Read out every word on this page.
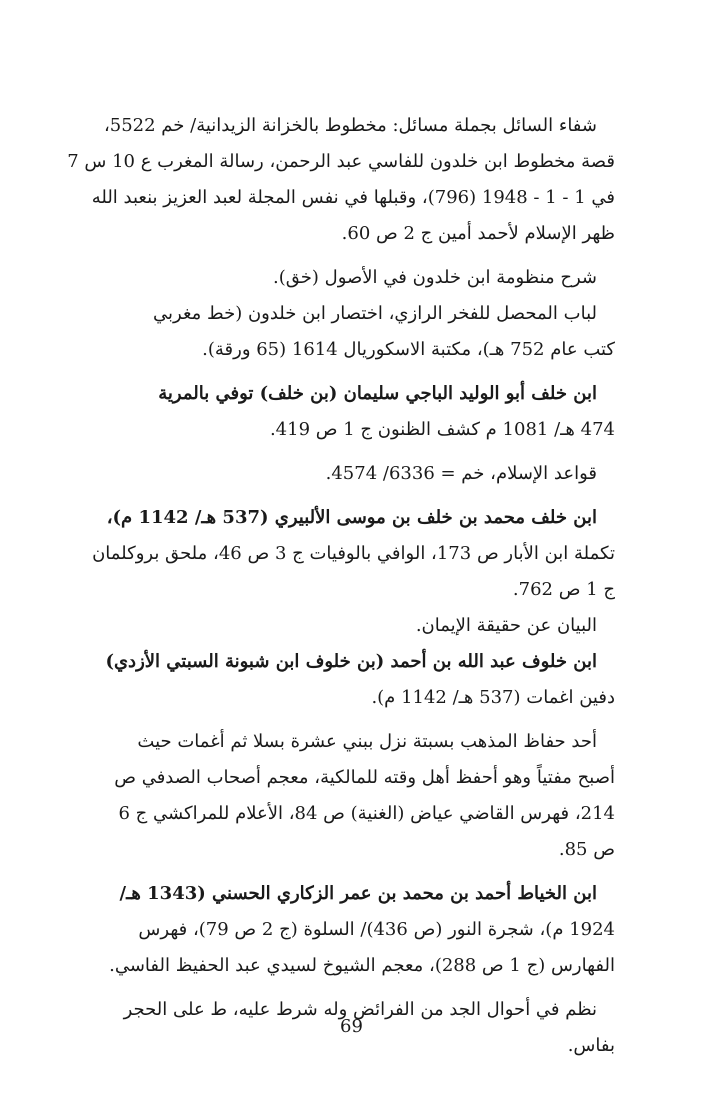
شفاء السائل بجملة مسائل: مخطوط بالخزانة الزيدانية/ خم 5522،
قصة مخطوط ابن خلدون للفاسي عبد الرحمن، رسالة المغرب ع 10 س 7
في 1 - 1 - 1948 (796)، وقبلها في نفس المجلة لعبد العزيز بنعبد الله
ظهر الإسلام لأحمد أمين ج 2 ص 60.
شرح منظومة ابن خلدون في الأصول (خق).
لباب المحصل للفخر الرازي، اختصار ابن خلدون (خط مغربي
كتب عام 752 هـ)، مكتبة الاسكوريال 1614 (65 ورقة).
ابن خلف أبو الوليد الباجي سليمان (بن خلف) توفي بالمرية
474 هـ/ 1081 م كشف الظنون ج 1 ص 419.
قواعد الإسلام، خم = 6336/ 4574.
ابن خلف محمد بن خلف بن موسى الألبيري (537 هـ/ 1142 م)،
تكملة ابن الأبار ص 173، الوافي بالوفيات ج 3 ص 46، ملحق بروكلمان
ج 1 ص 762.
البيان عن حقيقة الإيمان.
ابن خلوف عبد الله بن أحمد (بن خلوف ابن شبونة السبتي الأزدي)
دفين اغمات (537 هـ/ 1142 م).
أحد حفاظ المذهب بسبتة نزل ببني عشرة بسلا ثم أغمات حيث
أصبح مفتياً وهو أحفظ أهل وقته للمالكية، معجم أصحاب الصدفي ص
214، فهرس القاضي عياض (الغنية) ص 84، الأعلام للمراكشي ج 6
ص 85.
ابن الخياط أحمد بن محمد بن عمر الزكاري الحسني (1343 هـ/
1924 م)، شجرة النور (ص 436)/ السلوة (ج 2 ص 79)، فهرس
الفهارس (ج 1 ص 288)، معجم الشيوخ لسيدي عبد الحفيظ الفاسي.
نظم في أحوال الجد من الفرائض وله شرط عليه، ط على الحجر
بفاس.
69
